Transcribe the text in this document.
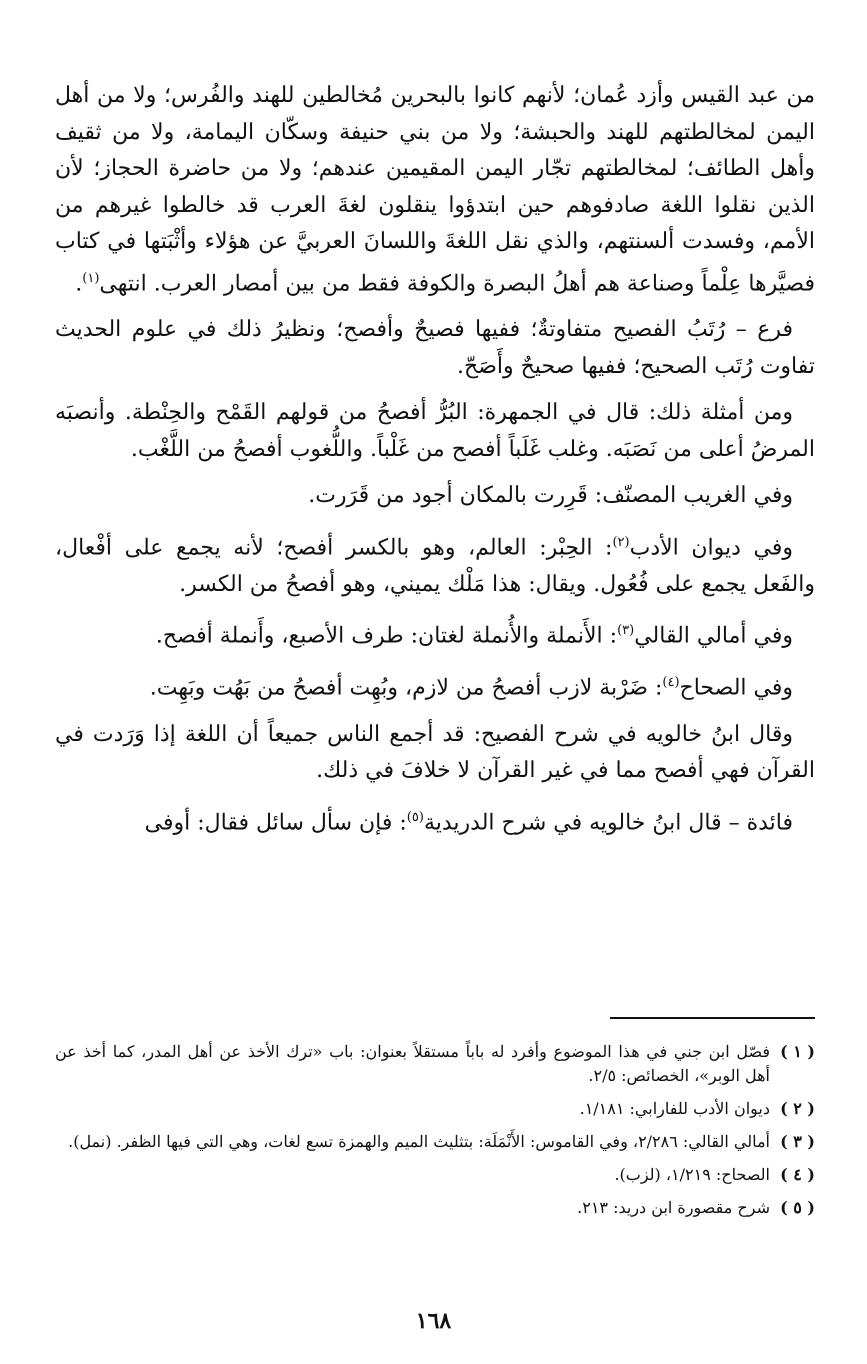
من عبد القيس وأزد عُمان؛ لأنهم كانوا بالبحرين مُخالطين للهند والفُرس؛ ولا من أهل اليمن لمخالطتهم للهند والحبشة؛ ولا من بني حنيفة وسكّان اليمامة، ولا من ثقيف وأهل الطائف؛ لمخالطتهم تجّار اليمن المقيمين عندهم؛ ولا من حاضرة الحجاز؛ لأن الذين نقلوا اللغة صادفوهم حين ابتدؤوا ينقلون لغةَ العرب قد خالطوا غيرهم من الأمم، وفسدت ألسنتهم، والذي نقل اللغةَ واللسانَ العربيَّ عن هؤلاء وأثْبَتها في كتاب فصيَّرها عِلْماً وصناعة هم أهلُ البصرة والكوفة فقط من بين أمصار العرب. انتهى$^{(١)}$.

فرع – رُتَبُ الفصيح متفاوتةٌ؛ ففيها فصيحٌ وأفصح؛ ونظيرُ ذلك في علوم الحديث تفاوت رُتَب الصحيح؛ ففيها صحيحٌ وأَصَحّ.

ومن أمثلة ذلك: قال في الجمهرة: البُرُّ أفصحُ من قولهم القَمْح والحِنْطة. وأنصبَه المرضُ أعلى من نَصَبَه. وغلب غَلَباً أفصح من غَلْباً. واللُّغوب أفصحُ من اللَّغْب.

وفي الغريب المصنّف: قَرِرت بالمكان أجود من قَرَرت.

وفي ديوان الأدب$^{(٢)}$: الحِبْر: العالم، وهو بالكسر أفصح؛ لأنه يجمع على أفْعال، والفَعل يجمع على فُعُول. ويقال: هذا مَلْك يميني، وهو أفصحُ من الكسر.

وفي أمالي القالي$^{(٣)}$: الأَنملة والأُنملة لغتان: طرف الأصبع، وأَنملة أفصح.

وفي الصحاح$^{(٤)}$: ضَرْبة لازب أفصحُ من لازم، وبُهِت أفصحُ من بَهُت وبَهِت.

وقال ابنُ خالويه في شرح الفصيح: قد أجمع الناس جميعاً أن اللغة إذا وَرَدت في القرآن فهي أفصح مما في غير القرآن لا خلافَ في ذلك.

فائدة – قال ابنُ خالويه في شرح الدريدية$^{(٥)}$: فإن سأل سائل فقال: أوفى

( ١ )
فصّل ابن جني في هذا الموضوع وأفرد له باباً مستقلاً بعنوان: باب «ترك الأخذ عن أهل المدر، كما أخذ عن أهل الوبر»، الخصائص: ٢/٥.
( ٢ )
ديوان الأدب للفارابي: ١/١٨١.
( ٣ )
أمالي القالي: ٢/٢٨٦، وفي القاموس: الأَنْمَلَة: بتثليث الميم والهمزة تسع لغات، وهي التي فيها الظفر. (نمل).
( ٤ )
الصحاح: ١/٢١٩، (لزب).
( ٥ )
شرح مقصورة ابن دريد: ٢١٣.
١٦٨
